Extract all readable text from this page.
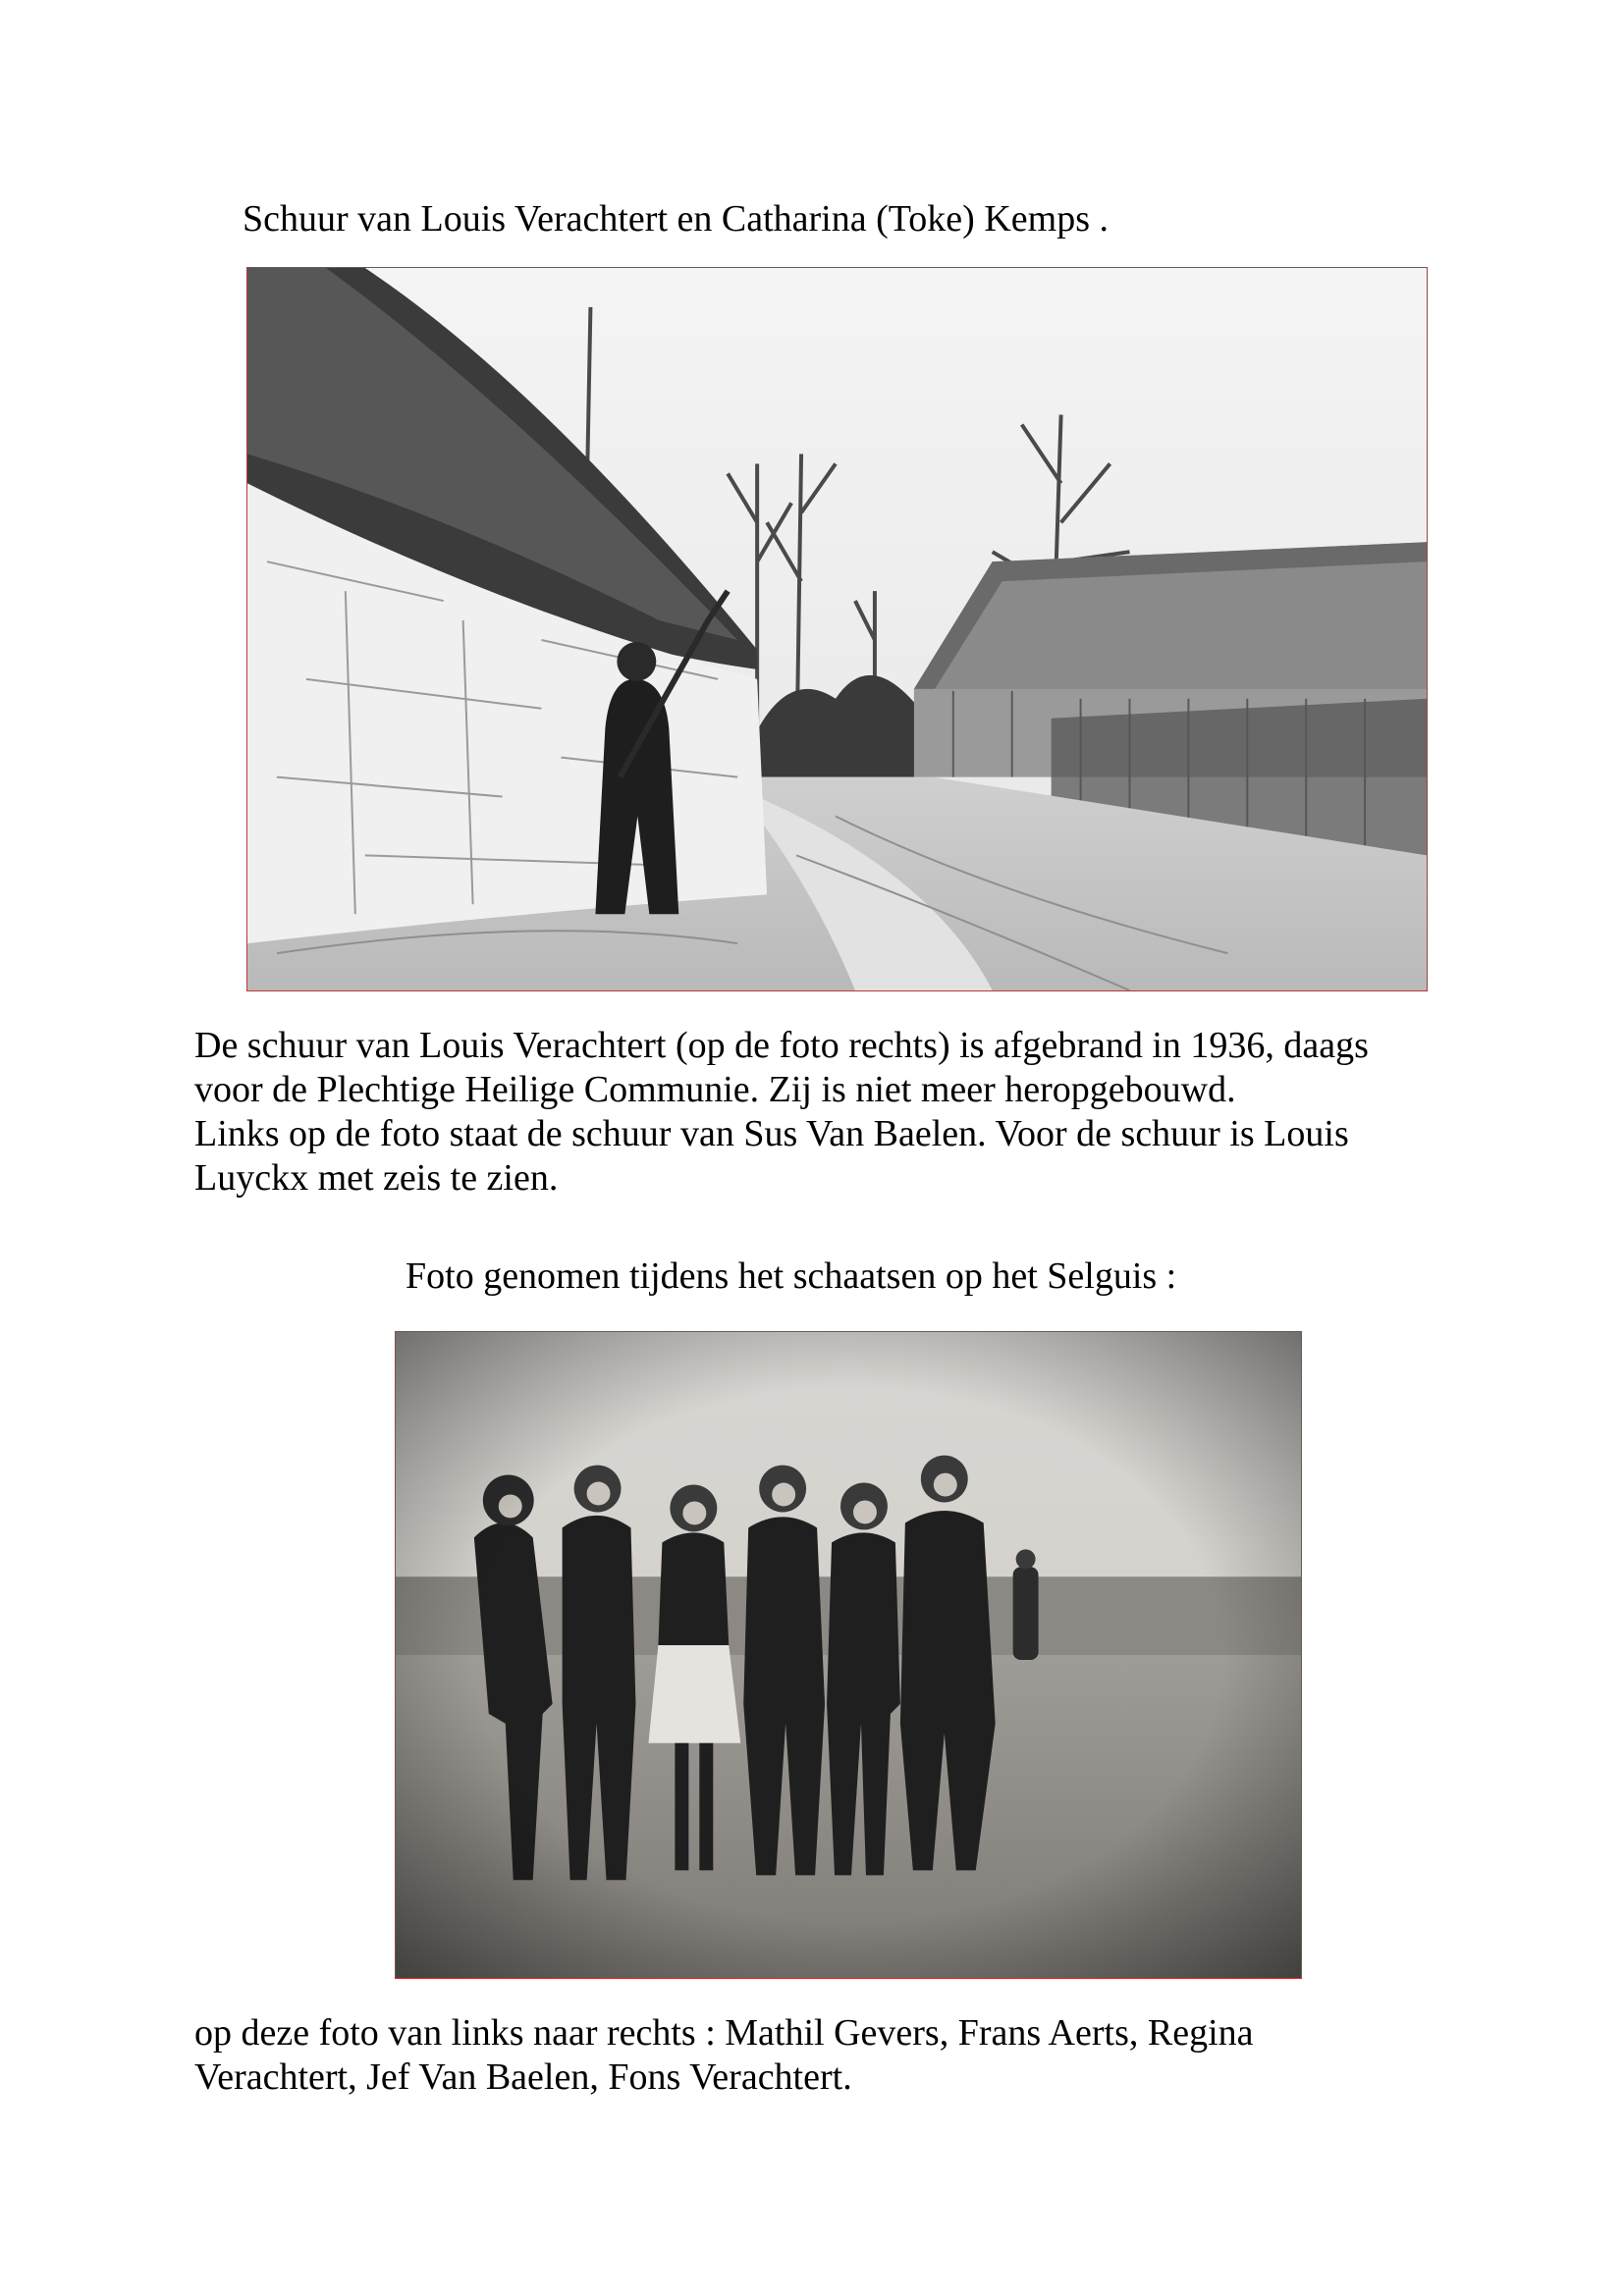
Schuur van Louis Verachtert en Catharina (Toke) Kemps .

De schuur van Louis Verachtert (op de foto rechts) is afgebrand in 1936, daags
voor de Plechtige Heilige Communie. Zij is niet meer heropgebouwd.
Links op de foto staat de schuur van Sus Van Baelen. Voor de schuur is Louis
Luyckx met zeis te zien.

Foto genomen tijdens het schaatsen op het Selguis :

op deze foto van links naar rechts : Mathil Gevers, Frans Aerts, Regina
Verachtert, Jef Van Baelen, Fons Verachtert.
